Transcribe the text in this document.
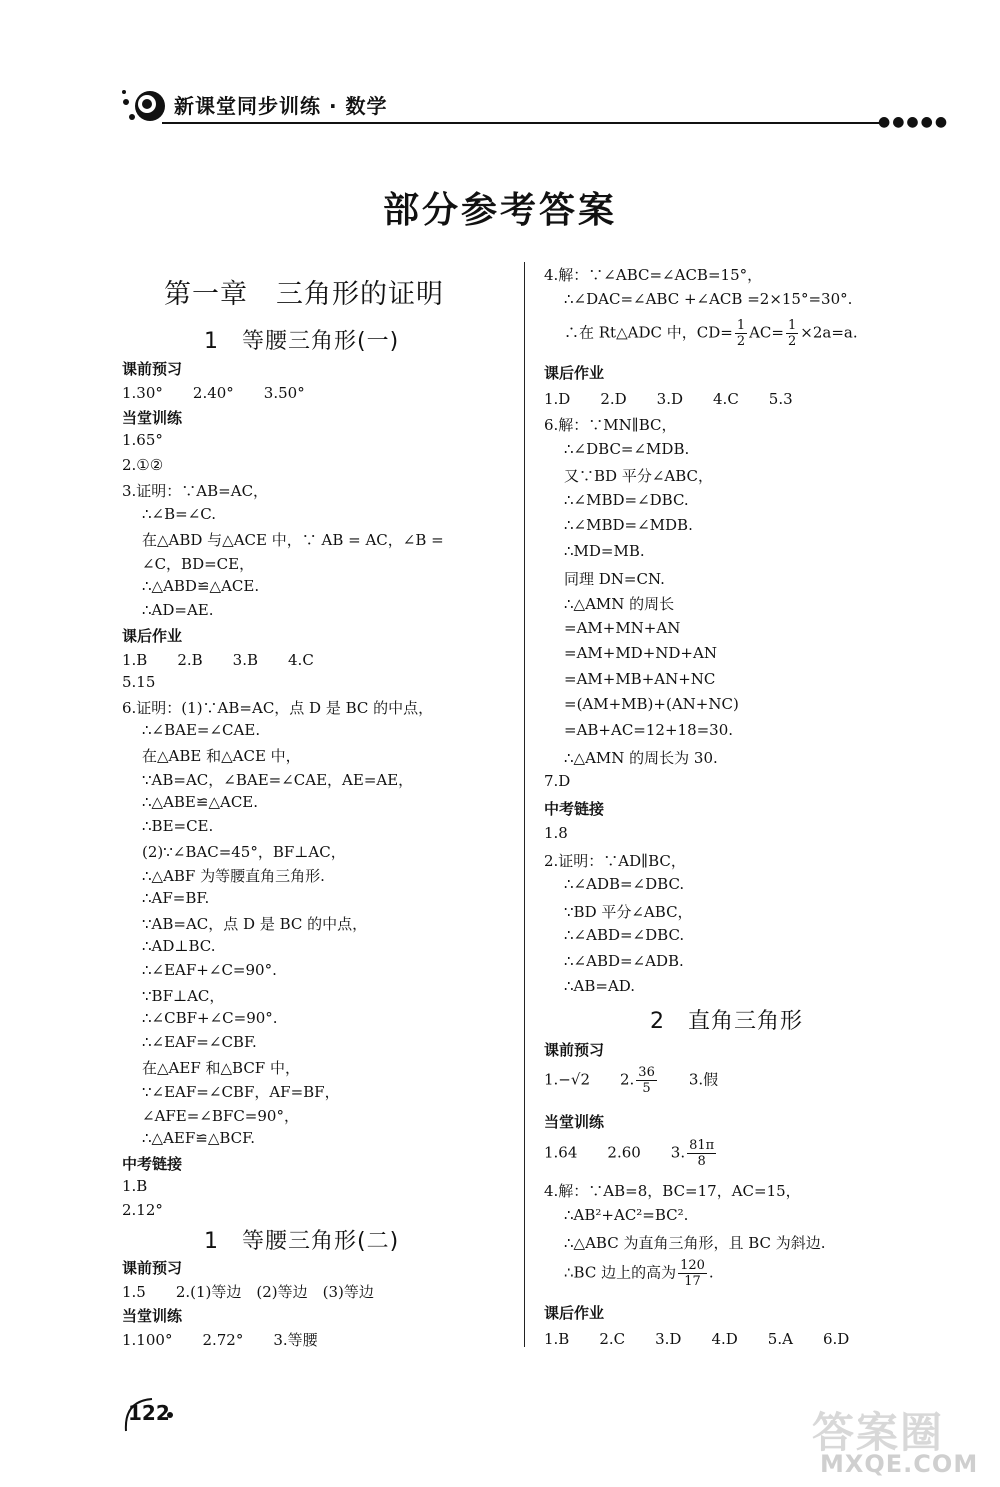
新课堂同步训练 · 数学
●●●●●
部分参考答案
第一章　三角形的证明
1　等腰三角形(一)
课前预习
1.30°　　2.40°　　3.50°
当堂训练
1.65°
2.①②
3.证明：∵AB=AC，
∴∠B=∠C.
在△ABD 与△ACE 中，∵ AB = AC，∠B =
∠C，BD=CE，
∴△ABD≌△ACE.
∴AD=AE.
课后作业
1.B　　2.B　　3.B　　4.C
5.15
6.证明：(1)∵AB=AC，点 D 是 BC 的中点，
∴∠BAE=∠CAE.
在△ABE 和△ACE 中，
∵AB=AC，∠BAE=∠CAE，AE=AE，
∴△ABE≌△ACE.
∴BE=CE.
(2)∵∠BAC=45°，BF⊥AC，
∴△ABF 为等腰直角三角形.
∴AF=BF.
∵AB=AC，点 D 是 BC 的中点，
∴AD⊥BC.
∴∠EAF+∠C=90°.
∵BF⊥AC，
∴∠CBF+∠C=90°.
∴∠EAF=∠CBF.
在△AEF 和△BCF 中，
∵∠EAF=∠CBF，AF=BF，
∠AFE=∠BFC=90°，
∴△AEF≌△BCF.
中考链接
1.B
2.12°
1　等腰三角形(二)
课前预习
1.5　　2.(1)等边　(2)等边　(3)等边
当堂训练
1.100°　　2.72°　　3.等腰
4.解：∵∠ABC=∠ACB=15°，
∴∠DAC=∠ABC +∠ACB =2×15°=30°.
∴在 Rt△ADC 中，$CD= \frac{1}{2} AC= \frac{1}{2} \times 2a=a$.
课后作业
1.D　　2.D　　3.D　　4.C　　5.3
6.解：∵MN∥BC，
∴∠DBC=∠MDB.
又∵BD 平分∠ABC，
∴∠MBD=∠DBC.
∴∠MBD=∠MDB.
∴MD=MB.
同理 DN=CN.
∴△AMN 的周长
=AM+MN+AN
=AM+MD+ND+AN
=AM+MB+AN+NC
=(AM+MB)+(AN+NC)
=AB+AC=12+18=30.
∴△AMN 的周长为 30.
7.D
中考链接
1.8
2.证明：∵AD∥BC，
∴∠ADB=∠DBC.
∵BD 平分∠ABC，
∴∠ABD=∠DBC.
∴∠ABD=∠ADB.
∴AB=AD.
2　直角三角形
课前预习
1.−√2　　2. $\frac{36}{5}$ 　　3.假
当堂训练
1.64　　2.60　　3. $\frac{81\pi}{8}$
4.解：∵AB=8，BC=17，AC=15，
∴AB²+AC²=BC².
∴△ABC 为直角三角形，且 BC 为斜边.
∴BC 边上的高为 $\frac{120}{17}$ .
课后作业
1.B　　2.C　　3.D　　4.D　　5.A　　6.D
122	答案圈
MXQE.COM
